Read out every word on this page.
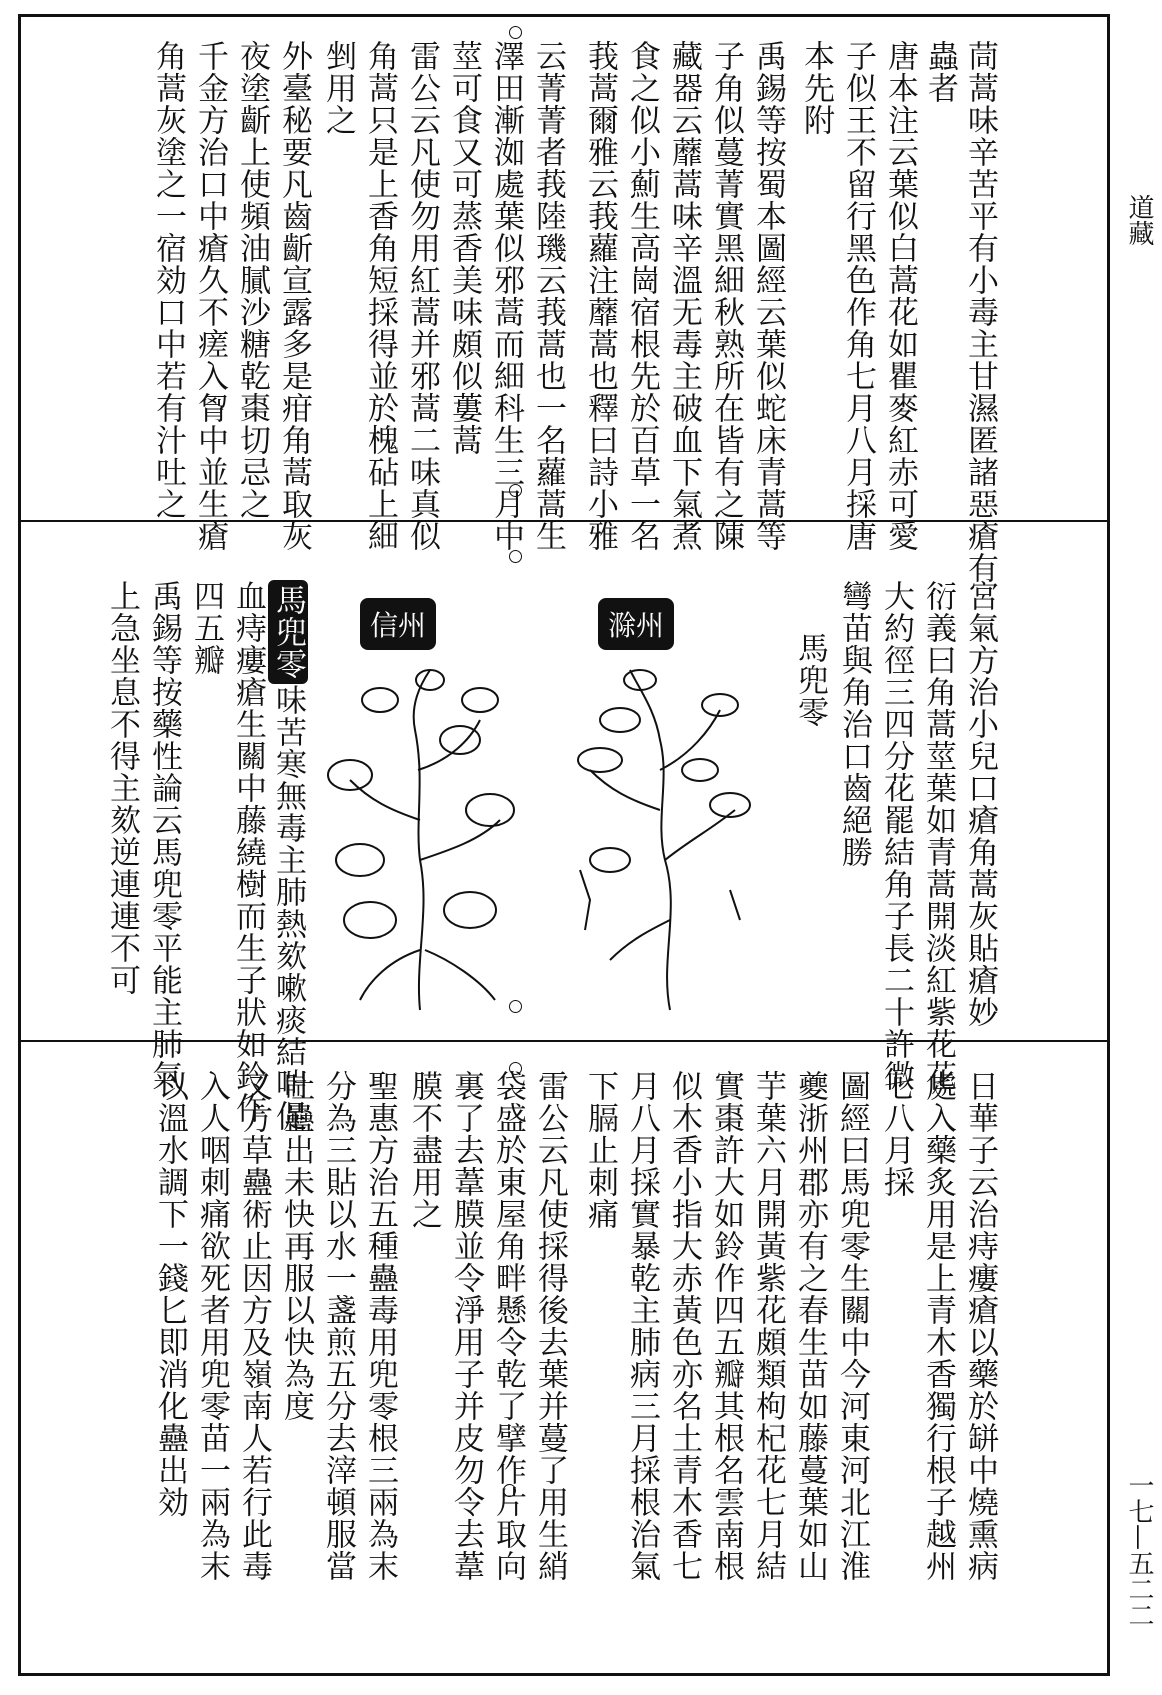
道藏
一七—五二二
茼蒿味辛苦平有小毒主甘濕匿諸惡瘡有
蟲者
唐本注云葉似白蒿花如瞿麥紅赤可愛
子似王不留行黑色作角七月八月採唐
本先附
禹錫等按蜀本圖經云葉似蛇床青蒿等
子角似蔓菁實黑細秋熟所在皆有之陳
藏器云蘼蒿味辛溫无毒主破血下氣煮
食之似小薊生高崗宿根先於百草一名
莪蒿爾雅云莪蘿注蘼蒿也釋曰詩小雅
云菁菁者莪陸璣云莪蒿也一名蘿蒿生
澤田漸洳處葉似邪蒿而細科生三月中
莖可食又可蒸香美味頗似蔞蒿
雷公云凡使勿用紅蒿并邪蒿二味真似
角蒿只是上香角短採得並於槐砧上細
剉用之
外臺秘要凡齒齗宣露多是疳角蒿取灰
夜塗齗上使頻油膩沙糖乾棗切忌之
千金方治口中瘡久不瘥入胷中並生瘡
角蒿灰塗之一宿効口中若有汁吐之
宮氣方治小兒口瘡角蒿灰貼瘡妙
衍義曰角蒿莖葉如青蒿開淡紅紫花花
大約徑三四分花罷結角子長二十許微
彎苗與角治口齒絕勝
馬兜零
滁州
信州
馬兜零味苦寒無毒主肺熱欬嗽痰結喘促
血痔瘻瘡生關中藤繞樹而生子狀如鈴作
四五瓣
禹錫等按藥性論云馬兜零平能主肺氣
上急坐息不得主欬逆連連不可
日華子云治痔瘻瘡以藥於缾中燒熏病
處入藥炙用是上青木香獨行根子越州
七八月採
圖經曰馬兜零生關中今河東河北江淮
夔浙州郡亦有之春生苗如藤蔓葉如山
芋葉六月開黃紫花頗類枸杞花七月結
實棗許大如鈴作四五瓣其根名雲南根
似木香小指大赤黃色亦名土青木香七
月八月採實暴乾主肺病三月採根治氣
下膈止刺痛
雷公云凡使採得後去葉并蔓了用生綃
袋盛於東屋角畔懸令乾了擘作片取向
裏了去葦膜並令淨用子并皮勿令去葦
膜不盡用之
聖惠方治五種蠱毒用兜零根三兩為末
分為三貼以水一盞煎五分去滓頓服當
吐蠱出未快再服以快為度
又方草蠱術止因方及嶺南人若行此毒
入人咽刺痛欲死者用兜零苗一兩為末
以溫水調下一錢匕即消化蠱出効
